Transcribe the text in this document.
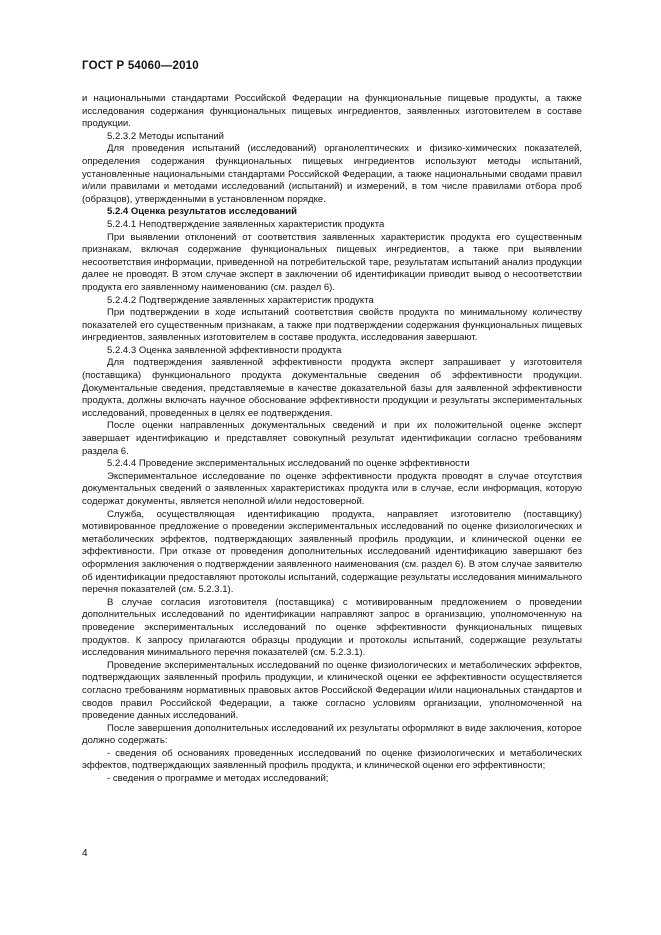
ГОСТ Р 54060—2010

и национальными стандартами Российской Федерации на функциональные пищевые продукты, а также исследования содержания функциональных пищевых ингредиентов, заявленных изготовителем в составе продукции.

5.2.3.2 Методы испытаний

Для проведения испытаний (исследований) органолептических и физико-химических показателей, определения содержания функциональных пищевых ингредиентов используют методы испытаний, установленные национальными стандартами Российской Федерации, а также национальными сводами правил и/или правилами и методами исследований (испытаний) и измерений, в том числе правилами отбора проб (образцов), утвержденными в установленном порядке.

5.2.4 Оценка результатов исследований

5.2.4.1 Неподтверждение заявленных характеристик продукта

При выявлении отклонений от соответствия заявленных характеристик продукта его существенным признакам, включая содержание функциональных пищевых ингредиентов, а также при выявлении несоответствия информации, приведенной на потребительской таре, результатам испытаний анализ продукции далее не проводят. В этом случае эксперт в заключении об идентификации приводит вывод о несоответствии продукта его заявленному наименованию (см. раздел 6).

5.2.4.2 Подтверждение заявленных характеристик продукта

При подтверждении в ходе испытаний соответствия свойств продукта по минимальному количеству показателей его существенным признакам, а также при подтверждении содержания функциональных пищевых ингредиентов, заявленных изготовителем в составе продукта, исследования завершают.

5.2.4.3 Оценка заявленной эффективности продукта

Для подтверждения заявленной эффективности продукта эксперт запрашивает у изготовителя (поставщика) функционального продукта документальные сведения об эффективности продукции. Документальные сведения, представляемые в качестве доказательной базы для заявленной эффективности продукта, должны включать научное обоснование эффективности продукции и результаты экспериментальных исследований, проведенных в целях ее подтверждения.

После оценки направленных документальных сведений и при их положительной оценке эксперт завершает идентификацию и представляет совокупный результат идентификации согласно требованиям раздела 6.

5.2.4.4 Проведение экспериментальных исследований по оценке эффективности

Экспериментальное исследование по оценке эффективности продукта проводят в случае отсутствия документальных сведений о заявленных характеристиках продукта или в случае, если информация, которую содержат документы, является неполной и/или недостоверной.

Служба, осуществляющая идентификацию продукта, направляет изготовителю (поставщику) мотивированное предложение о проведении экспериментальных исследований по оценке физиологических и метаболических эффектов, подтверждающих заявленный профиль продукции, и клинической оценки ее эффективности. При отказе от проведения дополнительных исследований идентификацию завершают без оформления заключения о подтверждении заявленного наименования (см. раздел 6). В этом случае заявителю об идентификации предоставляют протоколы испытаний, содержащие результаты исследования минимального перечня показателей (см. 5.2.3.1).

В случае согласия изготовителя (поставщика) с мотивированным предложением о проведении дополнительных исследований по идентификации направляют запрос в организацию, уполномоченную на проведение экспериментальных исследований по оценке эффективности функциональных пищевых продуктов. К запросу прилагаются образцы продукции и протоколы испытаний, содержащие результаты исследования минимального перечня показателей (см. 5.2.3.1).

Проведение экспериментальных исследований по оценке физиологических и метаболических эффектов, подтверждающих заявленный профиль продукции, и клинической оценки ее эффективности осуществляется согласно требованиям нормативных правовых актов Российской Федерации и/или национальных стандартов и сводов правил Российской Федерации, а также согласно условиям организации, уполномоченной на проведение данных исследований.

После завершения дополнительных исследований их результаты оформляют в виде заключения, которое должно содержать:

- сведения об основаниях проведенных исследований по оценке физиологических и метаболических эффектов, подтверждающих заявленный профиль продукта, и клинической оценки его эффективности;

- сведения о программе и методах исследований;

4
